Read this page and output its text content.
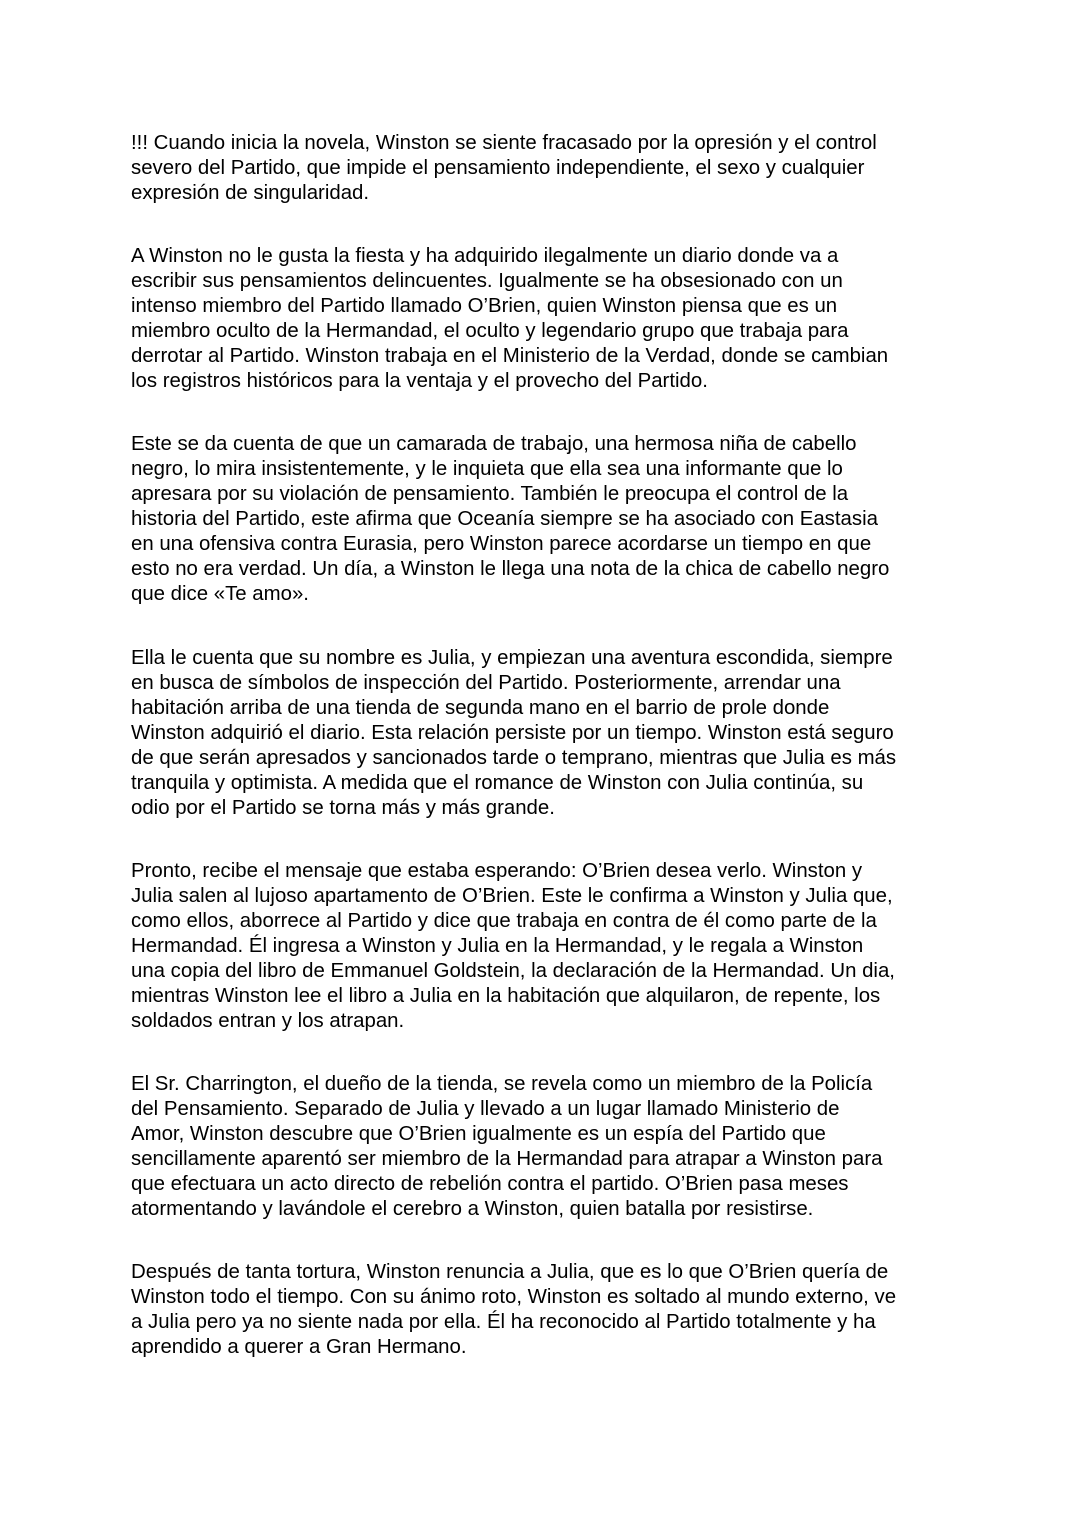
!!! Cuando inicia la novela, Winston se siente fracasado por la opresión y el control
severo del Partido, que impide el pensamiento independiente, el sexo y cualquier
expresión de singularidad.

A Winston no le gusta la fiesta y ha adquirido ilegalmente un diario donde va a
escribir sus pensamientos delincuentes. Igualmente se ha obsesionado con un
intenso miembro del Partido llamado O’Brien, quien Winston piensa que es un
miembro oculto de la Hermandad, el oculto y legendario grupo que trabaja para
derrotar al Partido. Winston trabaja en el Ministerio de la Verdad, donde se cambian
los registros históricos para la ventaja y el provecho del Partido.

Este se da cuenta de que un camarada de trabajo, una hermosa niña de cabello
negro, lo mira insistentemente, y le inquieta que ella sea una informante que lo
apresara por su violación de pensamiento. También le preocupa el control de la
historia del Partido, este afirma que Oceanía siempre se ha asociado con Eastasia
en una ofensiva contra Eurasia, pero Winston parece acordarse un tiempo en que
esto no era verdad. Un día, a Winston le llega una nota de la chica de cabello negro
que dice «Te amo».

Ella le cuenta que su nombre es Julia, y empiezan una aventura escondida, siempre
en busca de símbolos de inspección del Partido. Posteriormente, arrendar una
habitación arriba de una tienda de segunda mano en el barrio de prole donde
Winston adquirió el diario. Esta relación persiste por un tiempo. Winston está seguro
de que serán apresados y sancionados tarde o temprano, mientras que Julia es más
tranquila y optimista. A medida que el romance de Winston con Julia continúa, su
odio por el Partido se torna más y más grande.

Pronto, recibe el mensaje que estaba esperando: O’Brien desea verlo. Winston y
Julia salen al lujoso apartamento de O’Brien. Este le confirma a Winston y Julia que,
como ellos, aborrece al Partido y dice que trabaja en contra de él como parte de la
Hermandad. Él ingresa a Winston y Julia en la Hermandad, y le regala a Winston
una copia del libro de Emmanuel Goldstein, la declaración de la Hermandad. Un dia,
mientras Winston lee el libro a Julia en la habitación que alquilaron, de repente, los
soldados entran y los atrapan.

El Sr. Charrington, el dueño de la tienda, se revela como un miembro de la Policía
del Pensamiento. Separado de Julia y llevado a un lugar llamado Ministerio de
Amor, Winston descubre que O’Brien igualmente es un espía del Partido que
sencillamente aparentó ser miembro de la Hermandad para atrapar a Winston para
que efectuara un acto directo de rebelión contra el partido. O’Brien pasa meses
atormentando y lavándole el cerebro a Winston, quien batalla por resistirse.

Después de tanta tortura, Winston renuncia a Julia, que es lo que O’Brien quería de
Winston todo el tiempo. Con su ánimo roto, Winston es soltado al mundo externo, ve
a Julia pero ya no siente nada por ella. Él ha reconocido al Partido totalmente y ha
aprendido a querer a Gran Hermano.
